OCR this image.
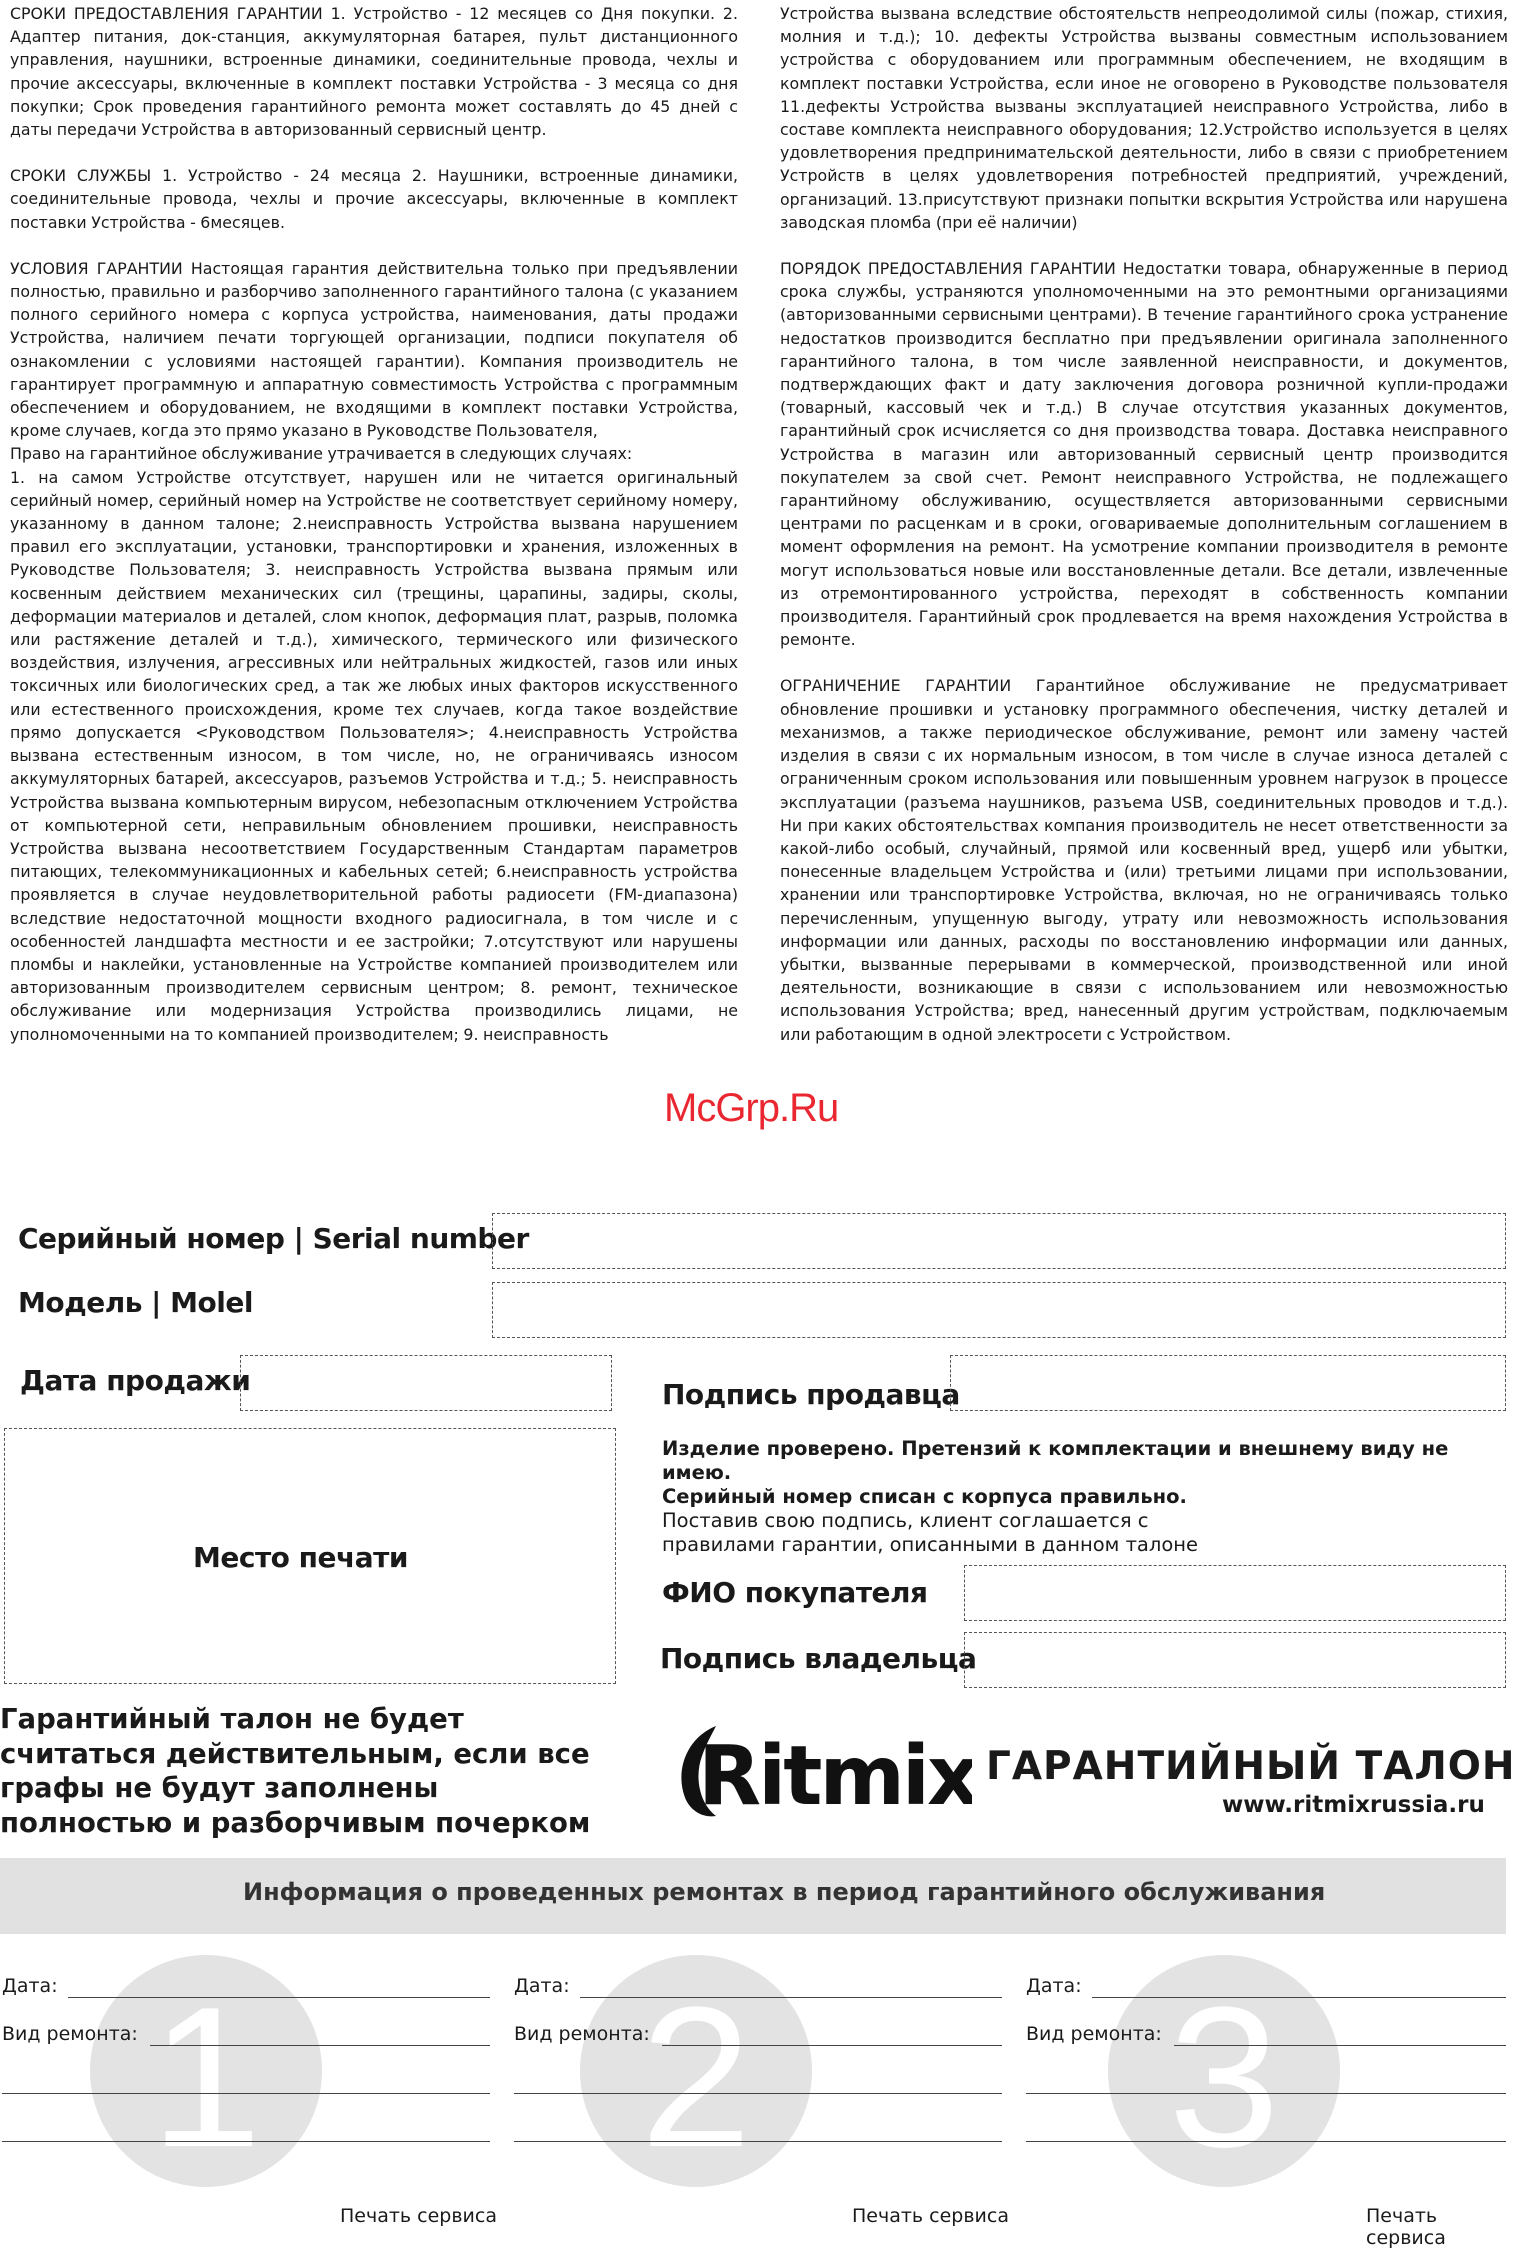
СРОКИ ПРЕДОСТАВЛЕНИЯ ГАРАНТИИ 1. Устройство - 12 месяцев со Дня покупки. 2. Адаптер питания, док-станция, аккумуляторная батарея, пульт дистанционного управления, наушники, встроенные динамики, соединительные провода, чехлы и прочие аксессуары, включенные в комплект поставки Устройства - 3 месяца со дня покупки; Срок проведения гарантийного ремонта может составлять до 45 дней с даты передачи Устройства в авторизованный сервисный центр.

СРОКИ СЛУЖБЫ 1. Устройство - 24 месяца 2. Наушники, встроенные динамики, соединительные провода, чехлы и прочие аксессуары, включенные в комплект поставки Устройства - 6месяцев.

УСЛОВИЯ ГАРАНТИИ Настоящая гарантия действительна только при предъявлении полностью, правильно и разборчиво заполненного гарантийного талона (с указанием полного серийного номера с корпуса устройства, наименования, даты продажи Устройства, наличием печати торгующей организации, подписи покупателя об ознакомлении с условиями настоящей гарантии). Компания производитель не гарантирует программную и аппаратную совместимость Устройства с программным обеспечением и оборудованием, не входящими в комплект поставки Устройства, кроме случаев, когда это прямо указано в Руководстве Пользователя,
Право на гарантийное обслуживание утрачивается в следующих случаях:
1. на самом Устройстве отсутствует, нарушен или не читается оригинальный серийный номер, серийный номер на Устройстве не соответствует серийному номеру, указанному в данном талоне; 2.неисправность Устройства вызвана нарушением правил его эксплуатации, установки, транспортировки и хранения, изложенных в Руководстве Пользователя; 3. неисправность Устройства вызвана прямым или косвенным действием механических сил (трещины, царапины, задиры, сколы, деформации материалов и деталей, слом кнопок, деформация плат, разрыв, поломка или растяжение деталей и т.д.), химического, термического или физического воздействия, излучения, агрессивных или нейтральных жидкостей, газов или иных токсичных или биологических сред, а так же любых иных факторов искусственного или естественного происхождения, кроме тех случаев, когда такое воздействие прямо допускается <Руководством Пользователя>; 4.неисправность Устройства вызвана естественным износом, в том числе, но, не ограничиваясь износом аккумуляторных батарей, аксессуаров, разъемов Устройства и т.д.; 5. неисправность Устройства вызвана компьютерным вирусом, небезопасным отключением Устройства от компьютерной сети, неправильным обновлением прошивки, неисправность Устройства вызвана несоответствием Государственным Стандартам параметров питающих, телекоммуникационных и кабельных сетей; 6.неисправность устройства проявляется в случае неудовлетворительной работы радиосети (FM-диапазона) вследствие недостаточной мощности входного радиосигнала, в том числе и с особенностей ландшафта местности и ее застройки; 7.отсутствуют или нарушены пломбы и наклейки, установленные на Устройстве компанией производителем или авторизованным производителем сервисным центром; 8. ремонт, техническое обслуживание или модернизация Устройства производились лицами, не уполномоченными на то компанией производителем; 9. неисправность

Устройства вызвана вследствие обстоятельств непреодолимой силы (пожар, стихия, молния и т.д.); 10. дефекты Устройства вызваны совместным использованием устройства с оборудованием или программным обеспечением, не входящим в комплект поставки Устройства, если иное не оговорено в Руководстве пользователя 11.дефекты Устройства вызваны эксплуатацией неисправного Устройства, либо в составе комплекта неисправного оборудования; 12.Устройство используется в целях удовлетворения предпринимательской деятельности, либо в связи с приобретением Устройств в целях удовлетворения потребностей предприятий, учреждений, организаций. 13.присутствуют признаки попытки вскрытия Устройства или нарушена заводская пломба (при её наличии)

ПОРЯДОК ПРЕДОСТАВЛЕНИЯ ГАРАНТИИ Недостатки товара, обнаруженные в период срока службы, устраняются уполномоченными на это ремонтными организациями (авторизованными сервисными центрами). В течение гарантийного срока устранение недостатков производится бесплатно при предъявлении оригинала заполненного гарантийного талона, в том числе заявленной неисправности, и документов, подтверждающих факт и дату заключения договора розничной купли-продажи (товарный, кассовый чек и т.д.) В случае отсутствия указанных документов, гарантийный срок исчисляется со дня производства товара. Доставка неисправного Устройства в магазин или авторизованный сервисный центр производится покупателем за свой счет. Ремонт неисправного Устройства, не подлежащего гарантийному обслуживанию, осуществляется авторизованными сервисными центрами по расценкам и в сроки, оговариваемые дополнительным соглашением в момент оформления на ремонт. На усмотрение компании производителя в ремонте могут использоваться новые или восстановленные детали. Все детали, извлеченные из отремонтированного устройства, переходят в собственность компании производителя. Гарантийный срок продлевается на время нахождения Устройства в ремонте.

ОГРАНИЧЕНИЕ ГАРАНТИИ Гарантийное обслуживание не предусматривает обновление прошивки и установку программного обеспечения, чистку деталей и механизмов, а также периодическое обслуживание, ремонт или замену частей изделия в связи с их нормальным износом, в том числе в случае износа деталей с ограниченным сроком использования или повышенным уровнем нагрузок в процессе эксплуатации (разъема наушников, разъема USB, соединительных проводов и т.д.). Ни при каких обстоятельствах компания производитель не несет ответственности за какой-либо особый, случайный, прямой или косвенный вред, ущерб или убытки, понесенные владельцем Устройства и (или) третьими лицами при использовании, хранении или транспортировке Устройства, включая, но не ограничиваясь только перечисленным, упущенную выгоду, утрату или невозможность использования информации или данных, расходы по восстановлению информации или данных, убытки, вызванные перерывами в коммерческой, производственной или иной деятельности, возникающие в связи с использованием или невозможностью использования Устройства; вред, нанесенный другим устройствам, подключаемым или работающим в одной электросети с Устройством.

McGrp.Ru
Серийный номер | Serial number
Модель | Molel
Дата продажи	Подпись продавца
Место печати
Изделие проверено. Претензий к комплектации и внешнему виду не имею.
Серийный номер списан с корпуса правильно.
Поставив свою подпись, клиент соглашается с правилами гарантии, описанными в данном талоне
ФИО покупателя
Подпись владельца
Гарантийный талон не будет считаться действительным, если все графы не будут заполнены полностью и разборчивым почерком	Ritmix ГАРАНТИЙНЫЙ ТАЛОН
www.ritmixrussia.ru
Информация о проведенных ремонтах в период гарантийного обслуживания
1
Дата:
Вид ремонта:
Печать сервиса
2
Дата:
Вид ремонта:
Печать сервиса
3
Дата:
Вид ремонта:
Печать сервиса
